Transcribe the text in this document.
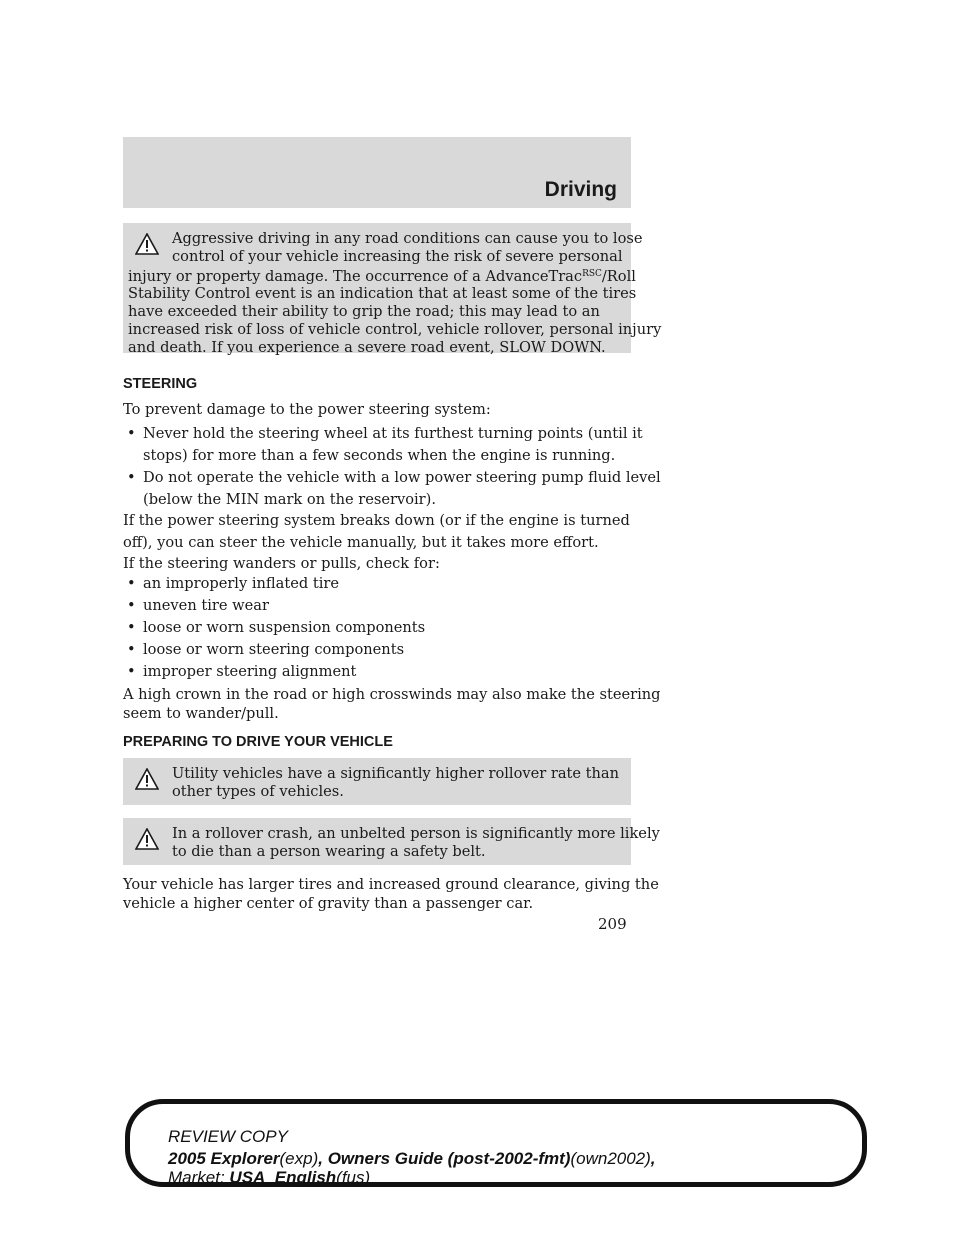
Driving
Aggressive driving in any road conditions can cause you to lose
control of your vehicle increasing the risk of severe personal
injury or property damage. The occurrence of a AdvanceTrac$^{RSC}$/Roll
Stability Control event is an indication that at least some of the tires
have exceeded their ability to grip the road; this may lead to an
increased risk of loss of vehicle control, vehicle rollover, personal injury
and death. If you experience a severe road event, SLOW DOWN.
STEERING
To prevent damage to the power steering system:
• Never hold the steering wheel at its furthest turning points (until it
stops) for more than a few seconds when the engine is running.
• Do not operate the vehicle with a low power steering pump fluid level
(below the MIN mark on the reservoir).
If the power steering system breaks down (or if the engine is turned
off), you can steer the vehicle manually, but it takes more effort.
If the steering wanders or pulls, check for:
• an improperly inflated tire
• uneven tire wear
• loose or worn suspension components
• loose or worn steering components
• improper steering alignment
A high crown in the road or high crosswinds may also make the steering
seem to wander/pull.
PREPARING TO DRIVE YOUR VEHICLE
Utility vehicles have a significantly higher rollover rate than
other types of vehicles.
In a rollover crash, an unbelted person is significantly more likely
to die than a person wearing a safety belt.
Your vehicle has larger tires and increased ground clearance, giving the
vehicle a higher center of gravity than a passenger car.
209
REVIEW COPY
2005 Explorer(exp), Owners Guide (post-2002-fmt)(own2002),
Market: USA_English(fus)
